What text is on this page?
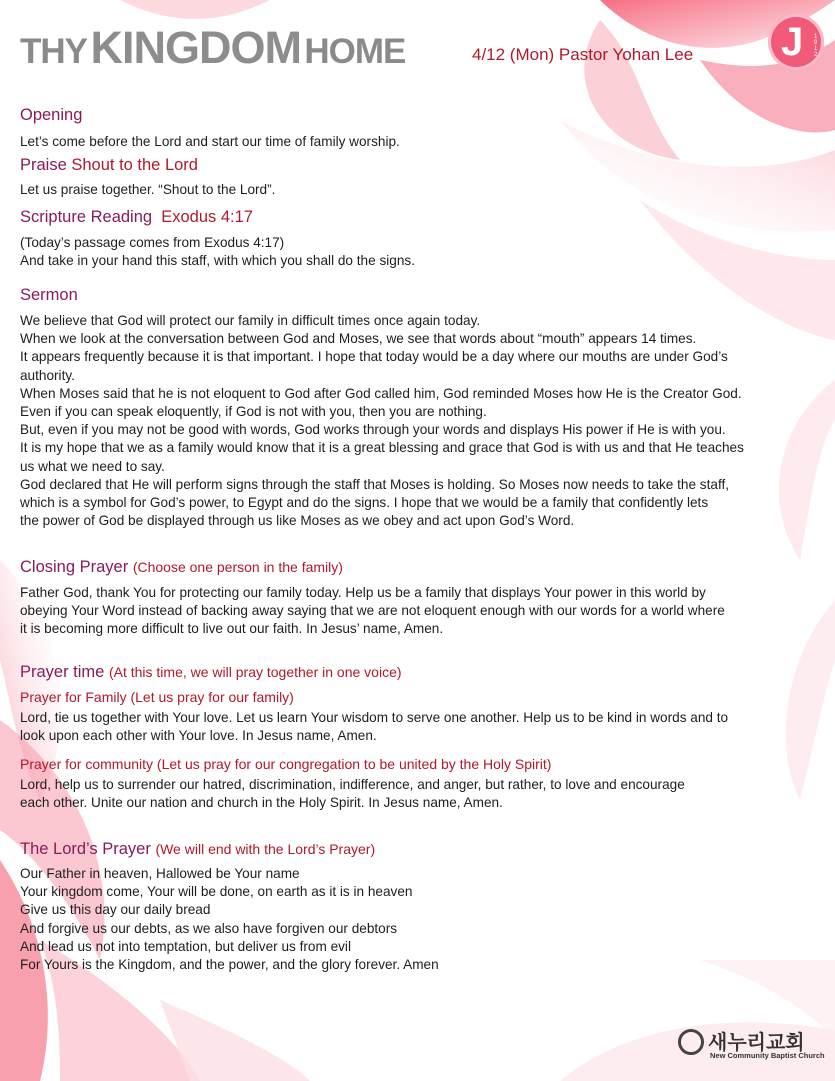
THY KINGDOM HOME	4/12 (Mon) Pastor Yohan Lee J 1912
Opening
Let’s come before the Lord and start our time of family worship.
Praise Shout to the Lord
Let us praise together. “Shout to the Lord”.
Scripture Reading Exodus 4:17
(Today’s passage comes from Exodus 4:17)
And take in your hand this staff, with which you shall do the signs.
Sermon
We believe that God will protect our family in difficult times once again today.
When we look at the conversation between God and Moses, we see that words about “mouth” appears 14 times.
It appears frequently because it is that important. I hope that today would be a day where our mouths are under God’s
authority.
When Moses said that he is not eloquent to God after God called him, God reminded Moses how He is the Creator God.
Even if you can speak eloquently, if God is not with you, then you are nothing.
But, even if you may not be good with words, God works through your words and displays His power if He is with you.
It is my hope that we as a family would know that it is a great blessing and grace that God is with us and that He teaches
us what we need to say.
God declared that He will perform signs through the staff that Moses is holding. So Moses now needs to take the staff,
which is a symbol for God’s power, to Egypt and do the signs. I hope that we would be a family that confidently lets
the power of God be displayed through us like Moses as we obey and act upon God’s Word.
Closing Prayer (Choose one person in the family)
Father God, thank You for protecting our family today. Help us be a family that displays Your power in this world by
obeying Your Word instead of backing away saying that we are not eloquent enough with our words for a world where
it is becoming more difficult to live out our faith. In Jesus’ name, Amen.
Prayer time (At this time, we will pray together in one voice)
Prayer for Family (Let us pray for our family)
Lord, tie us together with Your love. Let us learn Your wisdom to serve one another. Help us to be kind in words and to
look upon each other with Your love. In Jesus name, Amen.
Prayer for community (Let us pray for our congregation to be united by the Holy Spirit)
Lord, help us to surrender our hatred, discrimination, indifference, and anger, but rather, to love and encourage
each other. Unite our nation and church in the Holy Spirit. In Jesus name, Amen.
The Lord’s Prayer (We will end with the Lord’s Prayer)
Our Father in heaven, Hallowed be Your name
Your kingdom come, Your will be done, on earth as it is in heaven
Give us this day our daily bread
And forgive us our debts, as we also have forgiven our debtors
And lead us not into temptation, but deliver us from evil
For Yours is the Kingdom, and the power, and the glory forever. Amen
새누리교회
New Community Baptist Church
